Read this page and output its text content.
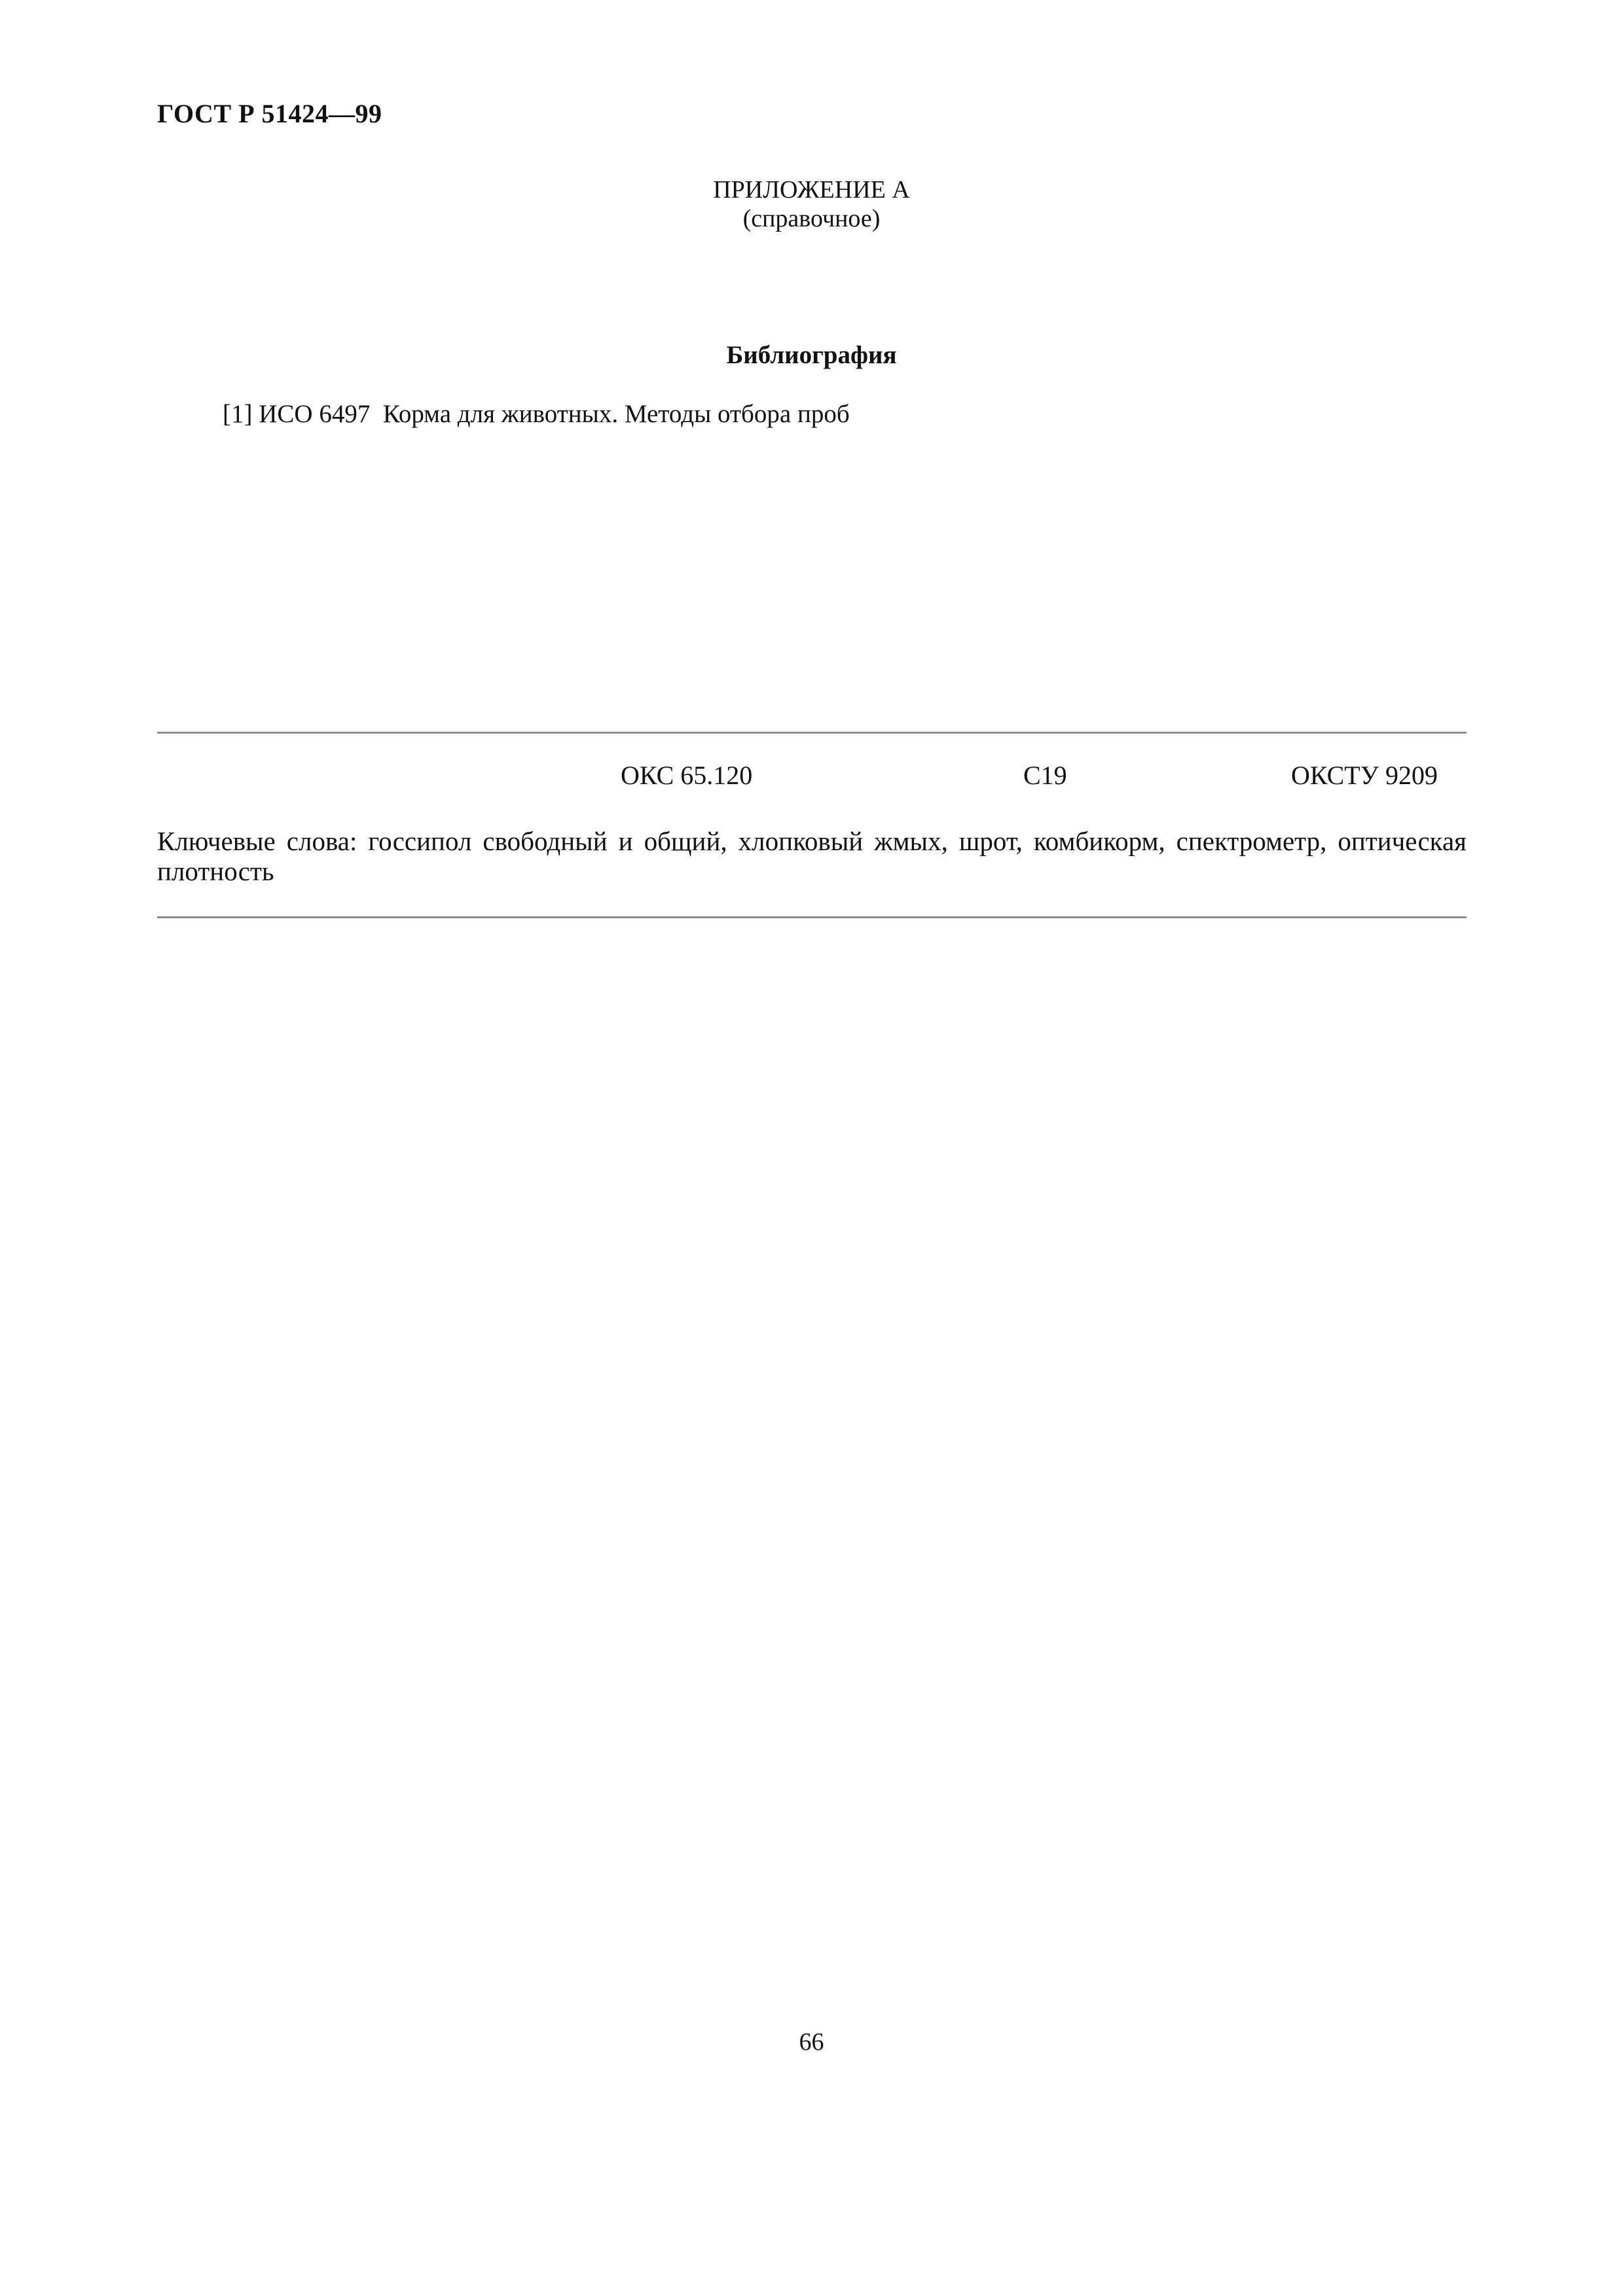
ГОСТ Р 51424—99
ПРИЛОЖЕНИЕ А
(справочное)
Библиография
[1] ИСО 6497 Корма для животных. Методы отбора проб
ОКС 65.120	С19	ОКСТУ 9209
Ключевые слова: госсипол свободный и общий, хлопковый жмых, шрот, комбикорм, спектрометр, оптическая плотность
66
